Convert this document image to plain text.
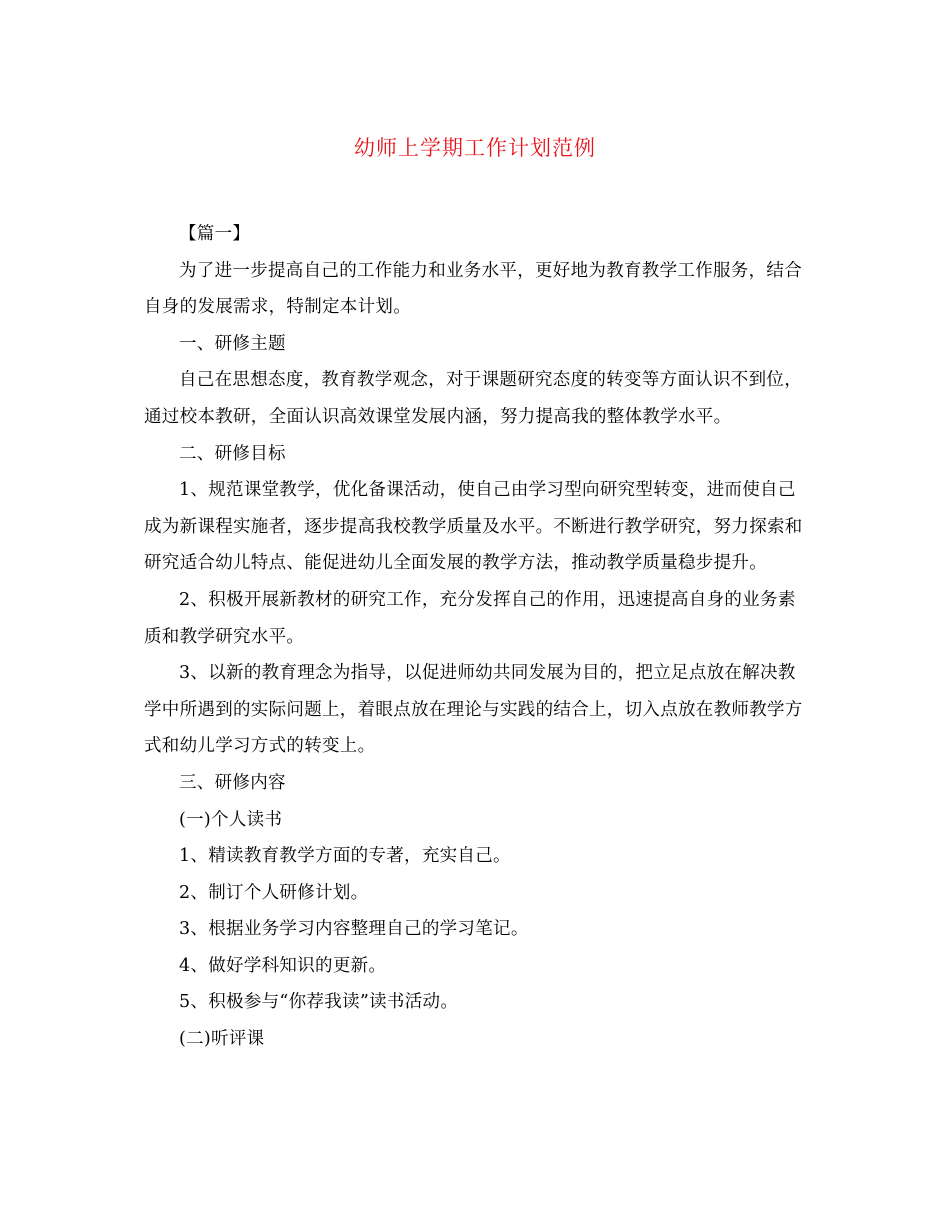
幼师上学期工作计划范例

【篇一】

为了进一步提高自己的工作能力和业务水平，更好地为教育教学工作服务，结合自身的发展需求，特制定本计划。

一、研修主题

自己在思想态度，教育教学观念，对于课题研究态度的转变等方面认识不到位，通过校本教研，全面认识高效课堂发展内涵，努力提高我的整体教学水平。

二、研修目标

1、规范课堂教学，优化备课活动，使自己由学习型向研究型转变，进而使自己成为新课程实施者，逐步提高我校教学质量及水平。不断进行教学研究，努力探索和研究适合幼儿特点、能促进幼儿全面发展的教学方法，推动教学质量稳步提升。

2、积极开展新教材的研究工作，充分发挥自己的作用，迅速提高自身的业务素质和教学研究水平。

3、以新的教育理念为指导，以促进师幼共同发展为目的，把立足点放在解决教学中所遇到的实际问题上，着眼点放在理论与实践的结合上，切入点放在教师教学方式和幼儿学习方式的转变上。

三、研修内容

(一)个人读书

1、精读教育教学方面的专著，充实自己。

2、制订个人研修计划。

3、根据业务学习内容整理自己的学习笔记。

4、做好学科知识的更新。

5、积极参与“你荐我读”读书活动。

(二)听评课
